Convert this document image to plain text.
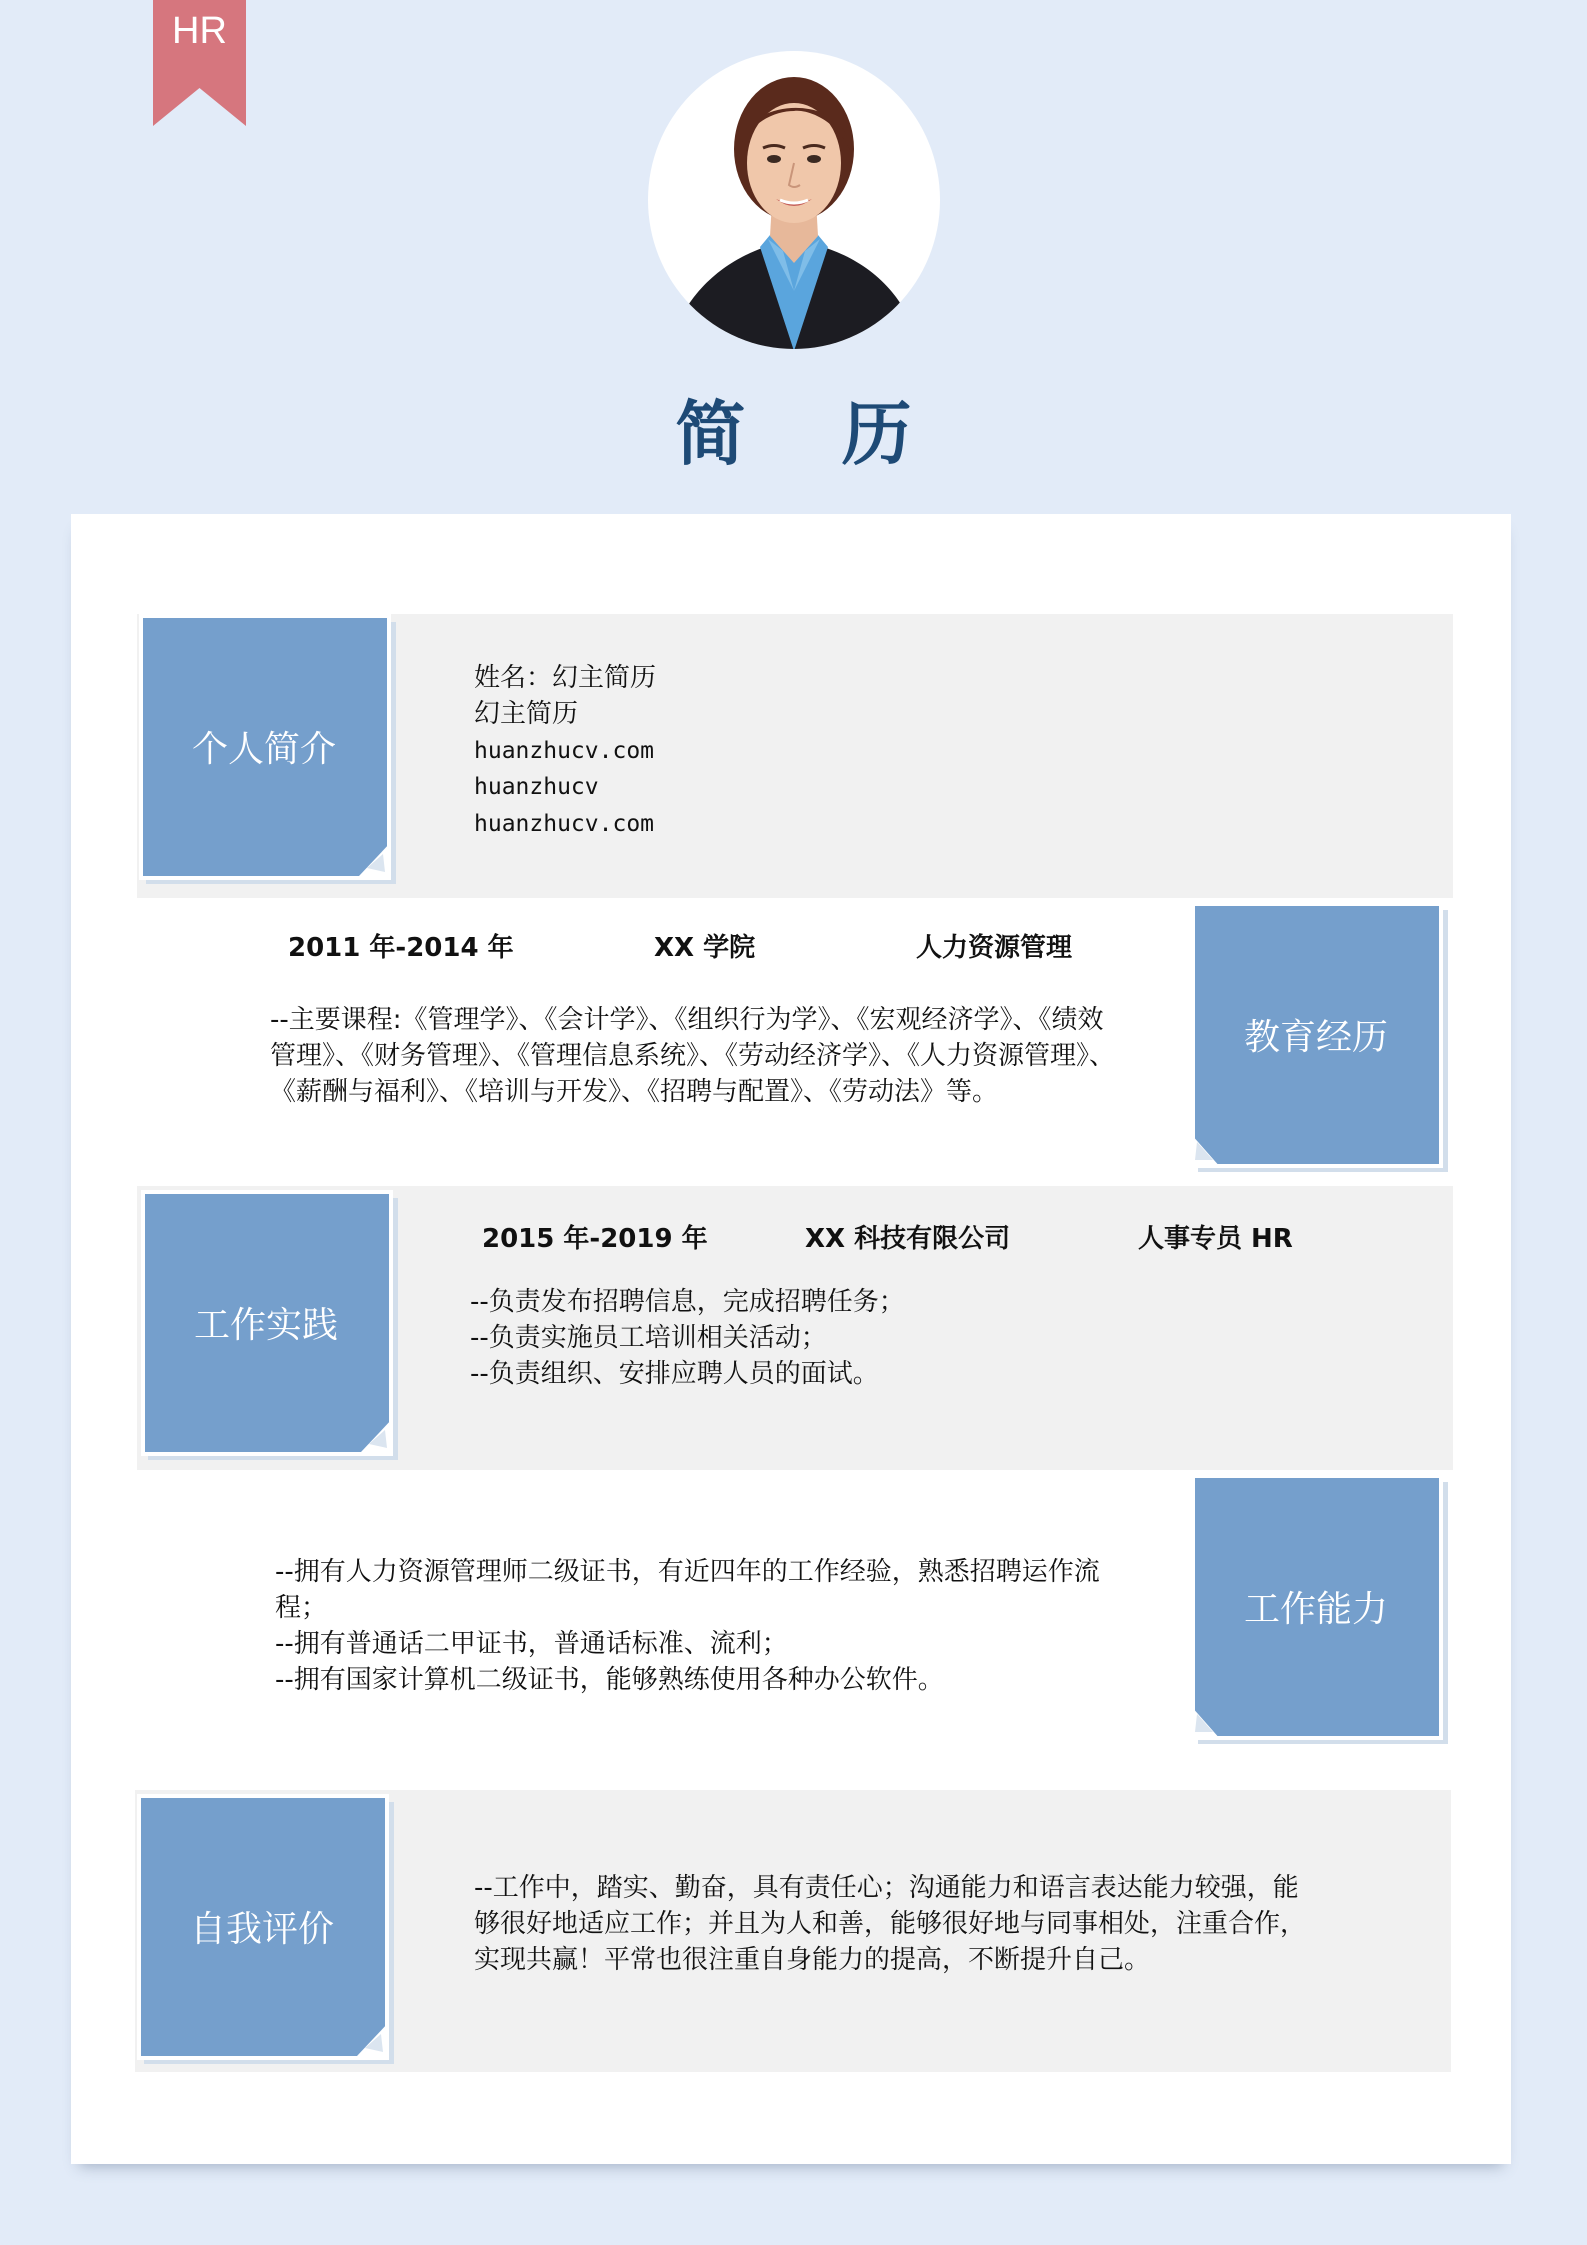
HR
简 历
个人简介
姓名：幻主简历
幻主简历
huanzhucv.com
huanzhucv
huanzhucv.com
教育经历
2011 年-2014 年	XX 学院	人力资源管理
--主要课程:《管理学》、《会计学》、《组织行为学》、《宏观经济学》、《绩效管理》、《财务管理》、《管理信息系统》、《劳动经济学》、《人力资源管理》、《薪酬与福利》、《培训与开发》、《招聘与配置》、《劳动法》等。
工作实践
2015 年-2019 年	XX 科技有限公司	人事专员 HR
--负责发布招聘信息，完成招聘任务；
--负责实施员工培训相关活动；
--负责组织、安排应聘人员的面试。
工作能力
--拥有人力资源管理师二级证书，有近四年的工作经验，熟悉招聘运作流程；
--拥有普通话二甲证书，普通话标准、流利；
--拥有国家计算机二级证书，能够熟练使用各种办公软件。
自我评价
--工作中，踏实、勤奋，具有责任心；沟通能力和语言表达能力较强，能够很好地适应工作；并且为人和善，能够很好地与同事相处，注重合作，实现共赢！平常也很注重自身能力的提高，不断提升自己。
